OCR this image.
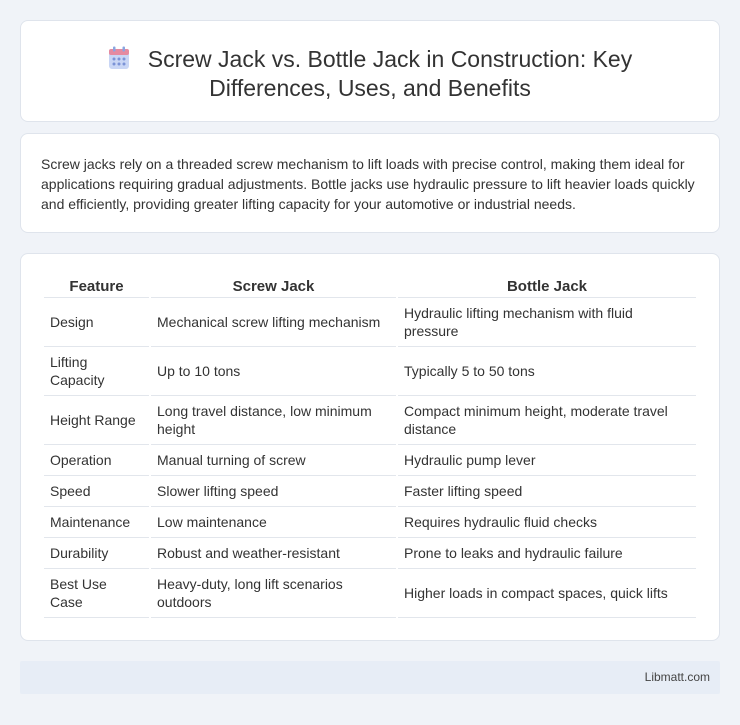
Screw Jack vs. Bottle Jack in Construction: Key Differences, Uses, and Benefits

Screw jacks rely on a threaded screw mechanism to lift loads with precise control, making them ideal for applications requiring gradual adjustments. Bottle jacks use hydraulic pressure to lift heavier loads quickly and efficiently, providing greater lifting capacity for your automotive or industrial needs.

Feature	Screw Jack	Bottle Jack
Design	Mechanical screw lifting mechanism	Hydraulic lifting mechanism with fluid pressure
Lifting Capacity	Up to 10 tons	Typically 5 to 50 tons
Height Range	Long travel distance, low minimum height	Compact minimum height, moderate travel distance
Operation	Manual turning of screw	Hydraulic pump lever
Speed	Slower lifting speed	Faster lifting speed
Maintenance	Low maintenance	Requires hydraulic fluid checks
Durability	Robust and weather-resistant	Prone to leaks and hydraulic failure
Best Use Case	Heavy-duty, long lift scenarios outdoors	Higher loads in compact spaces, quick lifts
Libmatt.com
